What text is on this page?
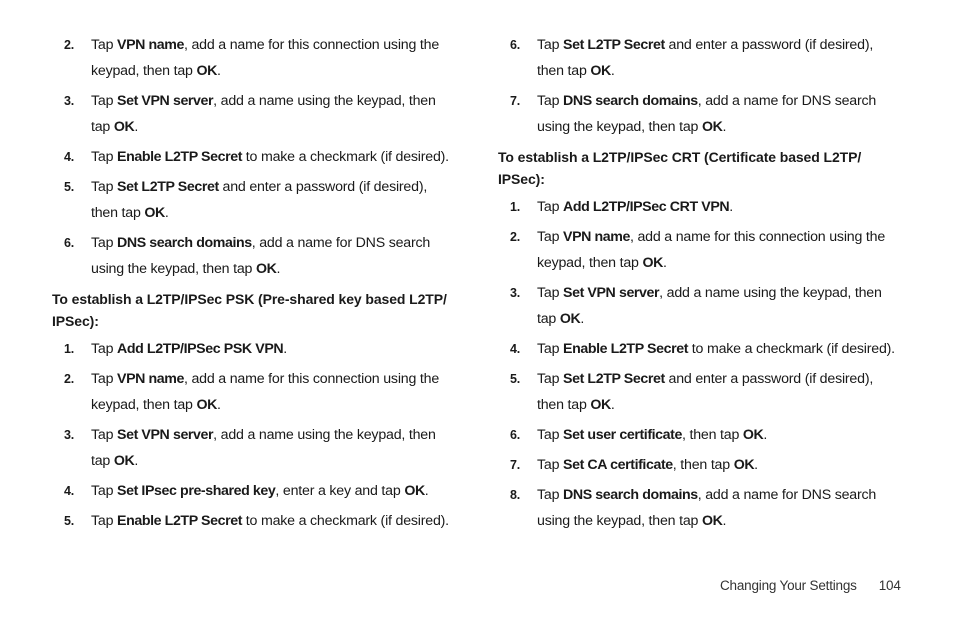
2.	Tap VPN name, add a name for this connection using the keypad, then tap OK.
3.	Tap Set VPN server, add a name using the keypad, then tap OK.
4.	Tap Enable L2TP Secret to make a checkmark (if desired).
5.	Tap Set L2TP Secret and enter a password (if desired), then tap OK.
6.	Tap DNS search domains, add a name for DNS search using the keypad, then tap OK.
To establish a L2TP/IPSec PSK (Pre-shared key based L2TP/ IPSec):
1.	Tap Add L2TP/IPSec PSK VPN.
2.	Tap VPN name, add a name for this connection using the keypad, then tap OK.
3.	Tap Set VPN server, add a name using the keypad, then tap OK.
4.	Tap Set IPsec pre-shared key, enter a key and tap OK.
5.	Tap Enable L2TP Secret to make a checkmark (if desired).
6.	Tap Set L2TP Secret and enter a password (if desired), then tap OK.
7.	Tap DNS search domains, add a name for DNS search using the keypad, then tap OK.
To establish a L2TP/IPSec CRT (Certificate based L2TP/ IPSec):
1.	Tap Add L2TP/IPSec CRT VPN.
2.	Tap VPN name, add a name for this connection using the keypad, then tap OK.
3.	Tap Set VPN server, add a name using the keypad, then tap OK.
4.	Tap Enable L2TP Secret to make a checkmark (if desired).
5.	Tap Set L2TP Secret and enter a password (if desired), then tap OK.
6.	Tap Set user certificate, then tap OK.
7.	Tap Set CA certificate, then tap OK.
8.	Tap DNS search domains, add a name for DNS search using the keypad, then tap OK.
Changing Your Settings 104
